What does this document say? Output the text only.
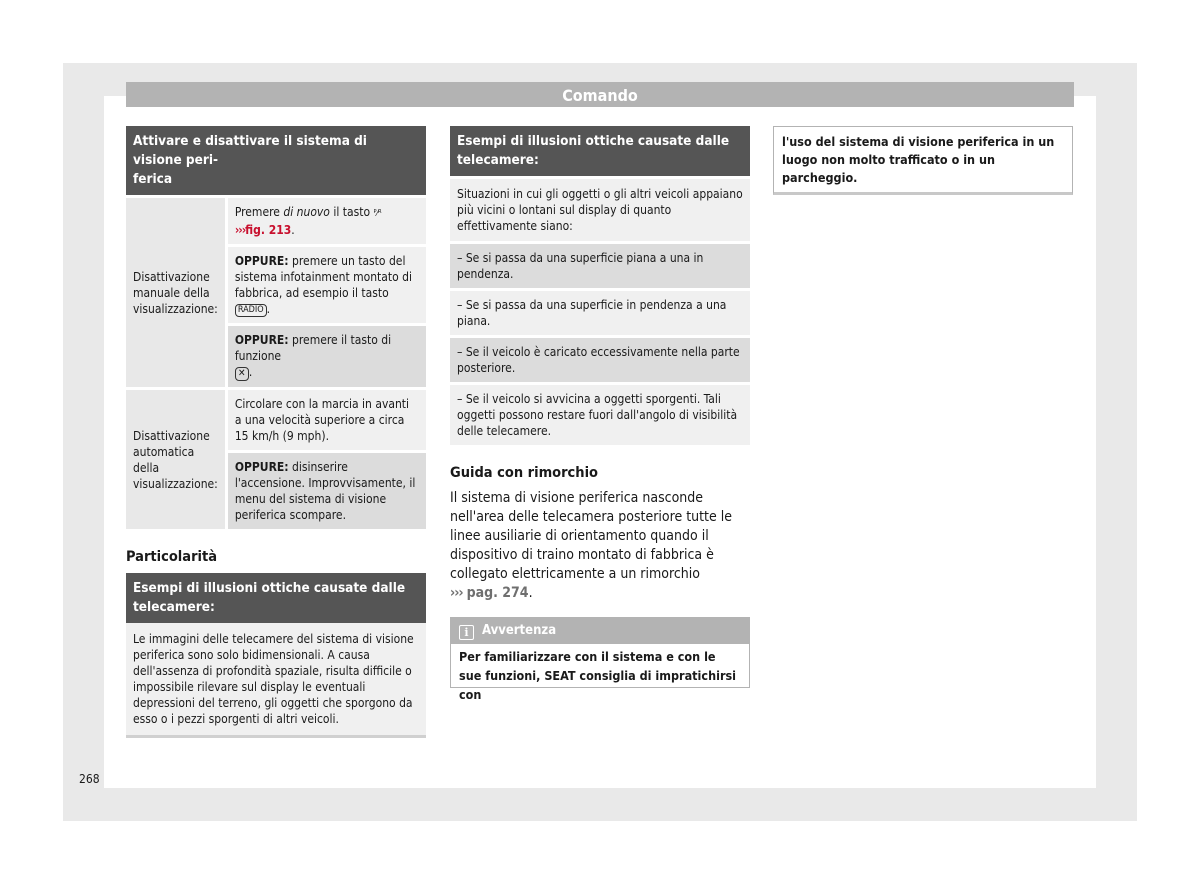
Comando
Attivare e disattivare il sistema di visione peri-
ferica
Disattivazione manuale della visualizzazione:	Premere di nuovo il tasto ᴾ⁄ᴿ
›››fig. 213.
	OPPURE: premere un tasto del sistema infotainment montato di fabbrica, ad esempio il tasto RADIO .
	OPPURE: premere il tasto di funzione
✕ .
Disattivazione automatica della visualizzazione:	Circolare con la marcia in avanti a una velocità superiore a circa 15 km/h (9 mph).
	OPPURE: disinserire l'accensione. Improvvisamente, il menu del sistema di visione periferica scompare.
Particolarità
Esempi di illusioni ottiche causate dalle telecamere:
Le immagini delle telecamere del sistema di visione periferica sono solo bidimensionali. A causa dell'assenza di profondità spaziale, risulta difficile o impossibile rilevare sul display le eventuali depressioni del terreno, gli oggetti che sporgono da esso o i pezzi sporgenti di altri veicoli.
Esempi di illusioni ottiche causate dalle telecamere:
Situazioni in cui gli oggetti o gli altri veicoli appaiano più vicini o lontani sul display di quanto effettivamente siano:
– Se si passa da una superficie piana a una in pendenza.
– Se si passa da una superficie in pendenza a una piana.
– Se il veicolo è caricato eccessivamente nella parte posteriore.
– Se il veicolo si avvicina a oggetti sporgenti. Tali oggetti possono restare fuori dall'angolo di visibilità delle telecamere.
Guida con rimorchio
Il sistema di visione periferica nasconde nell'area delle telecamera posteriore tutte le linee ausiliarie di orientamento quando il dispositivo di traino montato di fabbrica è collegato elettricamente a un rimorchio
››› pag. 274.
i Avvertenza
Per familiarizzare con il sistema e con le sue funzioni, SEAT consiglia di impratichirsi con
l'uso del sistema di visione periferica in un luogo non molto trafficato o in un parcheggio.
268
